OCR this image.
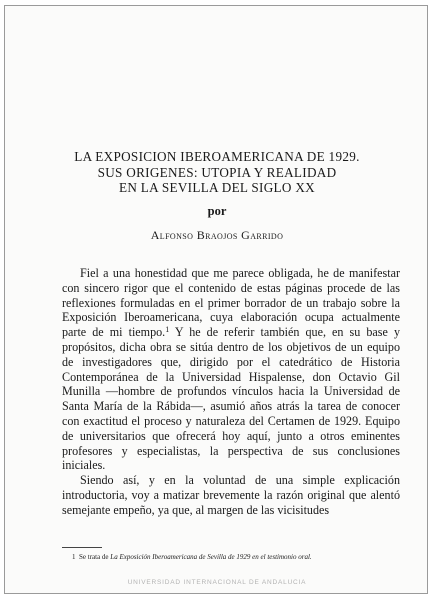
LA EXPOSICION IBEROAMERICANA DE 1929.
SUS ORIGENES: UTOPIA Y REALIDAD
EN LA SEVILLA DEL SIGLO XX
por
Alfonso Braojos Garrido

Fiel a una honestidad que me parece obligada, he de manifestar con sincero rigor que el contenido de estas páginas procede de las reflexiones formuladas en el primer borrador de un trabajo sobre la Exposición Iberoamericana, cuya elaboración ocupa actualmente parte de mi tiempo.$^1$ Y he de referir también que, en su base y propósitos, dicha obra se sitúa dentro de los objetivos de un equipo de investigadores que, dirigido por el catedrático de Historia Contemporánea de la Universidad Hispalense, don Octavio Gil Munilla —hombre de profundos vínculos hacia la Universidad de Santa María de la Rábida—, asumió años atrás la tarea de conocer con exactitud el proceso y naturaleza del Certamen de 1929. Equipo de universitarios que ofrecerá hoy aquí, junto a otros eminentes profesores y especialistas, la perspectiva de sus conclusiones iniciales.

Siendo así, y en la voluntad de una simple explicación introductoria, voy a matizar brevemente la razón original que alentó semejante empeño, ya que, al margen de las vicisitudes

1 Se trata de La Exposición Iberoamericana de Sevilla de 1929 en el testimonio oral.
UNIVERSIDAD INTERNACIONAL DE ANDALUCIA
